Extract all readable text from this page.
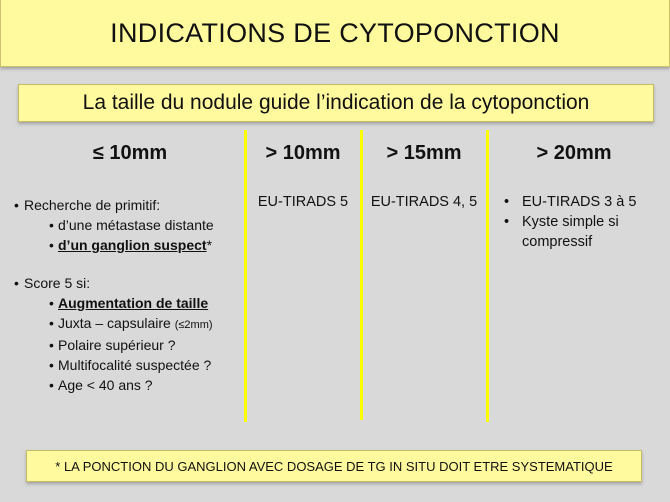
INDICATIONS DE CYTOPONCTION
La taille du nodule guide l’indication de la cytoponction
≤ 10mm	> 10mm	> 15mm	> 20mm
• Recherche de primitif:
• d’une métastase distante
• d’un ganglion suspect*
• Score 5 si:
• Augmentation de taille
• Juxta – capsulaire (≤2mm)
• Polaire supérieur ?
• Multifocalité suspectée ?
• Age < 40 ans ?
EU-TIRADS 5	EU-TIRADS 4, 5
•	EU-TIRADS 3 à 5
• Kyste simple si compressif
* LA PONCTION DU GANGLION AVEC DOSAGE DE TG IN SITU DOIT ETRE SYSTEMATIQUE
